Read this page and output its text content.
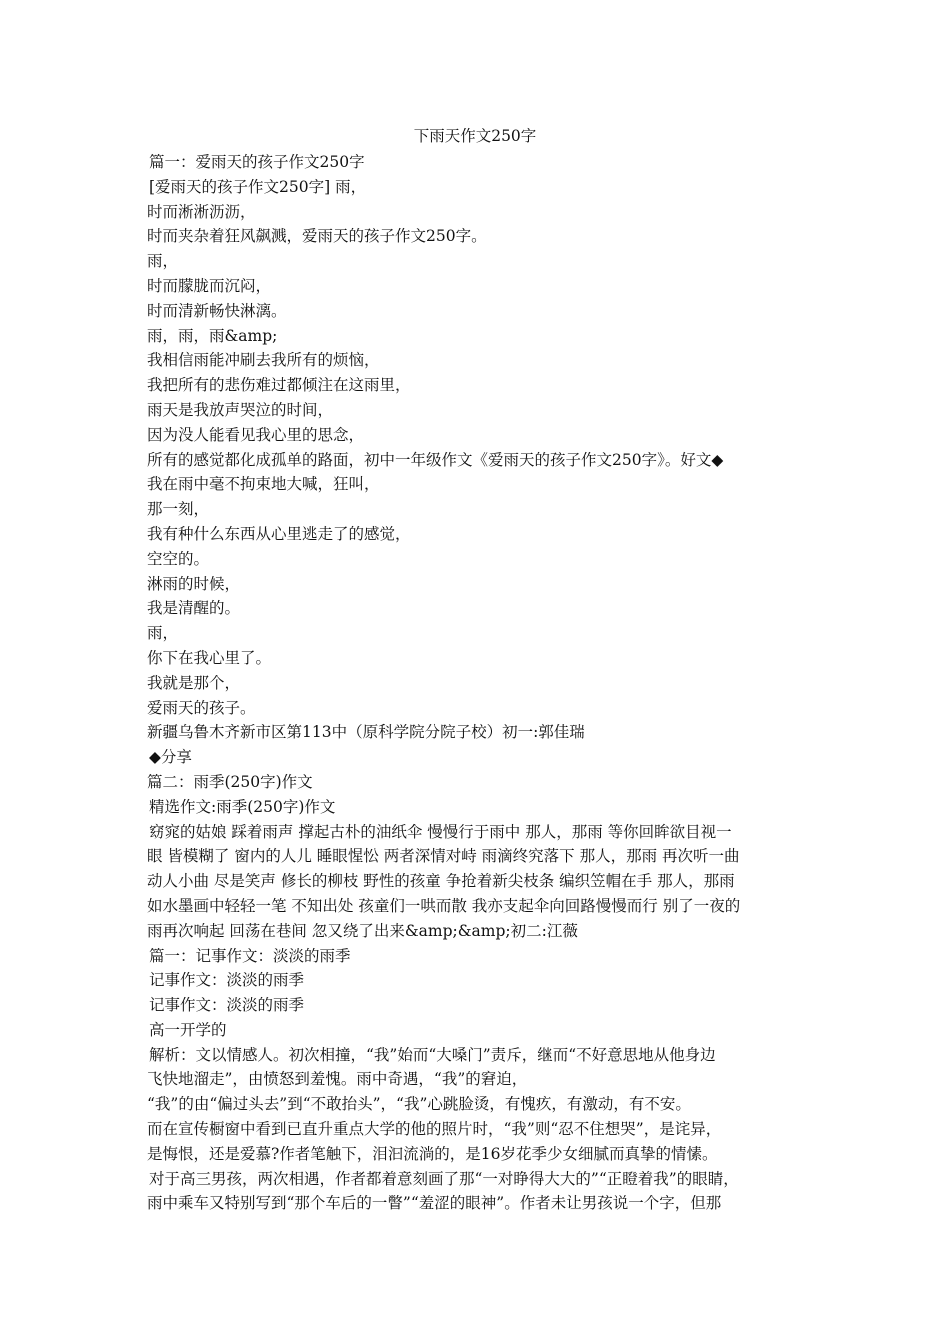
下雨天作文250字
篇一：爱雨天的孩子作文250字
[爱雨天的孩子作文250字] 雨，
时而淅淅沥沥，
时而夹杂着狂风飙溅，爱雨天的孩子作文250字。
雨，
时而朦胧而沉闷，
时而清新畅快淋漓。
雨，雨，雨&amp;
我相信雨能冲刷去我所有的烦恼，
我把所有的悲伤难过都倾注在这雨里，
雨天是我放声哭泣的时间，
因为没人能看见我心里的思念，
所有的感觉都化成孤单的路面，初中一年级作文《爱雨天的孩子作文250字》。好文◆
我在雨中毫不拘束地大喊，狂叫，
那一刻，
我有种什么东西从心里逃走了的感觉，
空空的。
淋雨的时候，
我是清醒的。
雨，
你下在我心里了。
我就是那个，
爱雨天的孩子。
新疆乌鲁木齐新市区第113中（原科学院分院子校）初一:郭佳瑞
◆分享
篇二：雨季(250字)作文
精选作文:雨季(250字)作文
窈窕的姑娘 踩着雨声 撑起古朴的油纸伞 慢慢行于雨中 那人，那雨 等你回眸欲目视一
眼 皆模糊了 窗内的人儿 睡眼惺忪 两者深情对峙 雨滴终究落下 那人，那雨 再次听一曲
动人小曲 尽是笑声 修长的柳枝 野性的孩童 争抢着新尖枝条 编织笠帽在手 那人，那雨
如水墨画中轻轻一笔 不知出处 孩童们一哄而散 我亦支起伞向回路慢慢而行 别了一夜的
雨再次响起 回荡在巷间 忽又绕了出来&amp;&amp;初二:江薇
篇一：记事作文：淡淡的雨季
记事作文：淡淡的雨季
记事作文：淡淡的雨季
高一开学的
解析：文以情感人。初次相撞，“我”始而“大嗓门”责斥，继而“不好意思地从他身边
飞快地溜走”，由愤怒到羞愧。雨中奇遇，“我”的窘迫，
“我”的由“偏过头去”到“不敢抬头”，“我”心跳脸烫，有愧疚，有激动，有不安。
而在宣传橱窗中看到已直升重点大学的他的照片时，“我”则“忍不住想哭”，是诧异，
是悔恨，还是爱慕?作者笔触下，泪汩流淌的，是16岁花季少女细腻而真挚的情愫。
对于高三男孩，两次相遇，作者都着意刻画了那“一对睁得大大的”“正瞪着我”的眼睛，
雨中乘车又特别写到“那个车后的一瞥”“羞涩的眼神”。作者未让男孩说一个字，但那
